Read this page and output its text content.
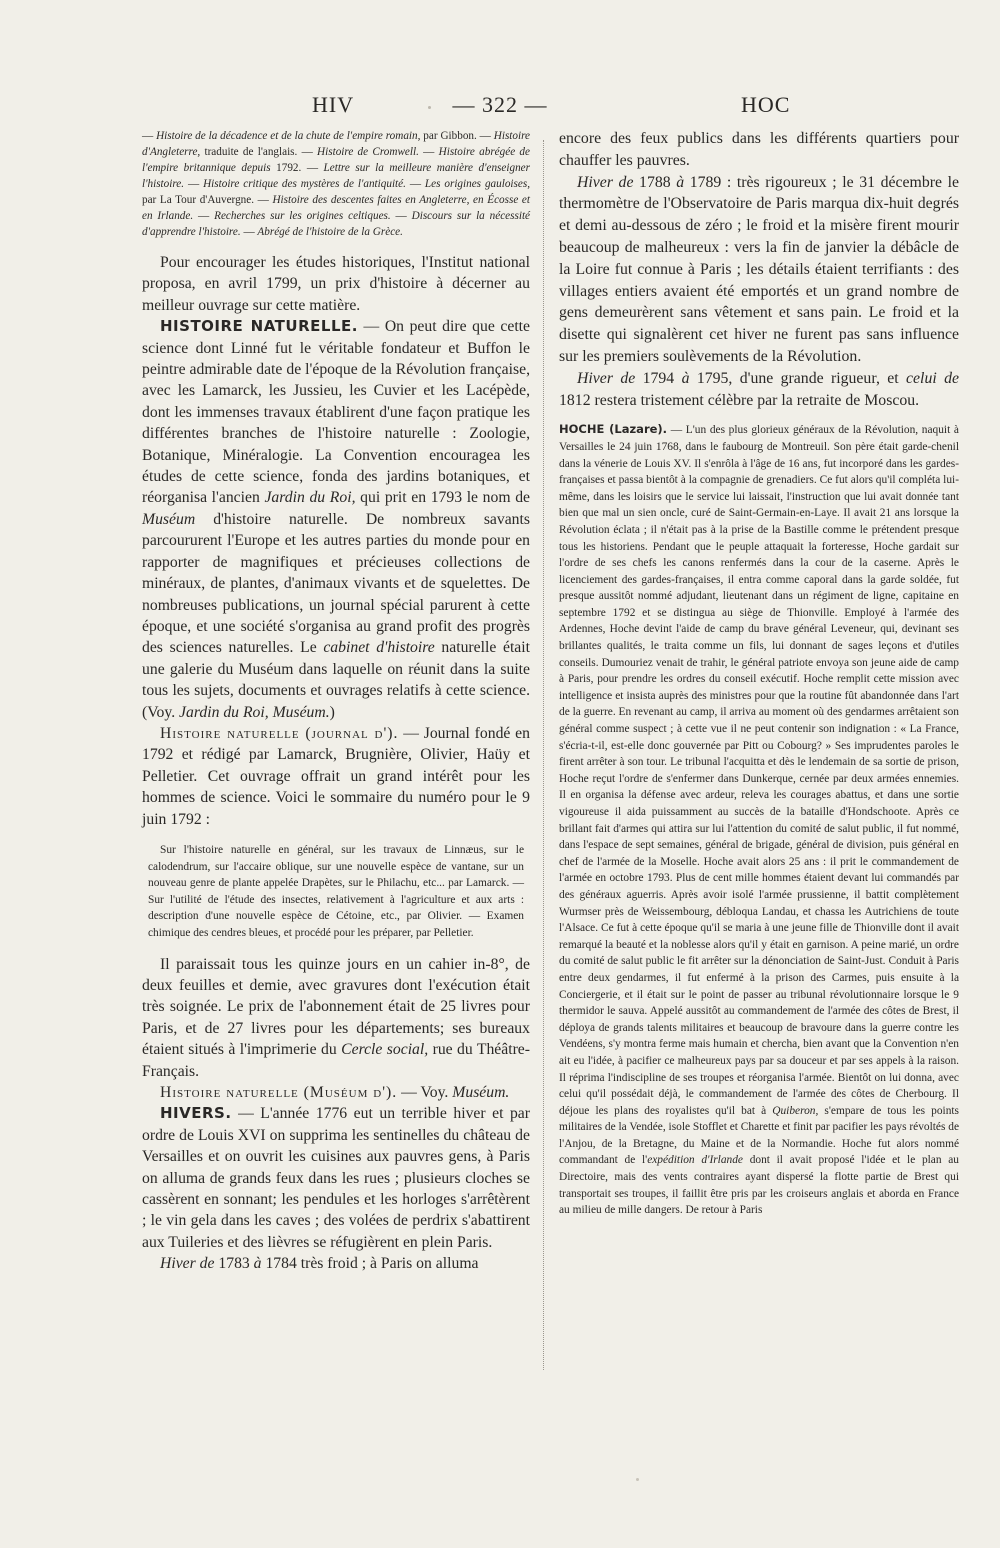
HIV	— 322 —	HOC

— Histoire de la décadence et de la chute de l'empire romain, par Gibbon. — Histoire d'Angleterre, traduite de l'anglais. — Histoire de Cromwell. — Histoire abrégée de l'empire britannique depuis 1792. — Lettre sur la meilleure manière d'enseigner l'histoire. — Histoire critique des mystères de l'antiquité. — Les origines gauloises, par La Tour d'Auvergne. — Histoire des descentes faites en Angleterre, en Écosse et en Irlande. — Recherches sur les origines celtiques. — Discours sur la nécessité d'apprendre l'histoire. — Abrégé de l'histoire de la Grèce.

Pour encourager les études historiques, l'Institut national proposa, en avril 1799, un prix d'histoire à décerner au meilleur ouvrage sur cette matière.

HISTOIRE NATURELLE. — On peut dire que cette science dont Linné fut le véritable fondateur et Buffon le peintre admirable date de l'époque de la Révolution française, avec les Lamarck, les Jussieu, les Cuvier et les Lacépède, dont les immenses travaux établirent d'une façon pratique les différentes branches de l'histoire naturelle : Zoologie, Botanique, Minéralogie. La Convention encouragea les études de cette science, fonda des jardins botaniques, et réorganisa l'ancien Jardin du Roi, qui prit en 1793 le nom de Muséum d'histoire naturelle. De nombreux savants parcoururent l'Europe et les autres parties du monde pour en rapporter de magnifiques et précieuses collections de minéraux, de plantes, d'animaux vivants et de squelettes. De nombreuses publications, un journal spécial parurent à cette époque, et une société s'organisa au grand profit des progrès des sciences naturelles. Le cabinet d'histoire naturelle était une galerie du Muséum dans laquelle on réunit dans la suite tous les sujets, documents et ouvrages relatifs à cette science. (Voy. Jardin du Roi, Muséum.)

Histoire naturelle (journal d'). — Journal fondé en 1792 et rédigé par Lamarck, Brugnière, Olivier, Haüy et Pelletier. Cet ouvrage offrait un grand intérêt pour les hommes de science. Voici le sommaire du numéro pour le 9 juin 1792 :

Sur l'histoire naturelle en général, sur les travaux de Linnæus, sur le calodendrum, sur l'accaire oblique, sur une nouvelle espèce de vantane, sur un nouveau genre de plante appelée Drapètes, sur le Philachu, etc... par Lamarck. — Sur l'utilité de l'étude des insectes, relativement à l'agriculture et aux arts : description d'une nouvelle espèce de Cétoine, etc., par Olivier. — Examen chimique des cendres bleues, et procédé pour les préparer, par Pelletier.

Il paraissait tous les quinze jours en un cahier in-8°, de deux feuilles et demie, avec gravures dont l'exécution était très soignée. Le prix de l'abonnement était de 25 livres pour Paris, et de 27 livres pour les départements; ses bureaux étaient situés à l'imprimerie du Cercle social, rue du Théâtre-Français.

Histoire naturelle (Muséum d'). — Voy. Muséum.

HIVERS. — L'année 1776 eut un terrible hiver et par ordre de Louis XVI on supprima les sentinelles du château de Versailles et on ouvrit les cuisines aux pauvres gens, à Paris on alluma de grands feux dans les rues ; plusieurs cloches se cassèrent en sonnant; les pendules et les horloges s'arrêtèrent ; le vin gela dans les caves ; des volées de perdrix s'abattirent aux Tuileries et des lièvres se réfugièrent en plein Paris.

Hiver de 1783 à 1784 très froid ; à Paris on alluma

encore des feux publics dans les différents quartiers pour chauffer les pauvres.

Hiver de 1788 à 1789 : très rigoureux ; le 31 décembre le thermomètre de l'Observatoire de Paris marqua dix-huit degrés et demi au-dessous de zéro ; le froid et la misère firent mourir beaucoup de malheureux : vers la fin de janvier la débâcle de la Loire fut connue à Paris ; les détails étaient terrifiants : des villages entiers avaient été emportés et un grand nombre de gens demeurèrent sans vêtement et sans pain. Le froid et la disette qui signalèrent cet hiver ne furent pas sans influence sur les premiers soulèvements de la Révolution.

Hiver de 1794 à 1795, d'une grande rigueur, et celui de 1812 restera tristement célèbre par la retraite de Moscou.

HOCHE (Lazare). — L'un des plus glorieux généraux de la Révolution, naquit à Versailles le 24 juin 1768, dans le faubourg de Montreuil. Son père était garde-chenil dans la vénerie de Louis XV. Il s'enrôla à l'âge de 16 ans, fut incorporé dans les gardes-françaises et passa bientôt à la compagnie de grenadiers. Ce fut alors qu'il compléta lui-même, dans les loisirs que le service lui laissait, l'instruction que lui avait donnée tant bien que mal un sien oncle, curé de Saint-Germain-en-Laye. Il avait 21 ans lorsque la Révolution éclata ; il n'était pas à la prise de la Bastille comme le prétendent presque tous les historiens. Pendant que le peuple attaquait la forteresse, Hoche gardait sur l'ordre de ses chefs les canons renfermés dans la cour de la caserne. Après le licenciement des gardes-françaises, il entra comme caporal dans la garde soldée, fut presque aussitôt nommé adjudant, lieutenant dans un régiment de ligne, capitaine en septembre 1792 et se distingua au siège de Thionville. Employé à l'armée des Ardennes, Hoche devint l'aide de camp du brave général Leveneur, qui, devinant ses brillantes qualités, le traita comme un fils, lui donnant de sages leçons et d'utiles conseils. Dumouriez venait de trahir, le général patriote envoya son jeune aide de camp à Paris, pour prendre les ordres du conseil exécutif. Hoche remplit cette mission avec intelligence et insista auprès des ministres pour que la routine fût abandonnée dans l'art de la guerre. En revenant au camp, il arriva au moment où des gendarmes arrêtaient son général comme suspect ; à cette vue il ne peut contenir son indignation : « La France, s'écria-t-il, est-elle donc gouvernée par Pitt ou Cobourg? » Ses imprudentes paroles le firent arrêter à son tour. Le tribunal l'acquitta et dès le lendemain de sa sortie de prison, Hoche reçut l'ordre de s'enfermer dans Dunkerque, cernée par deux armées ennemies. Il en organisa la défense avec ardeur, releva les courages abattus, et dans une sortie vigoureuse il aida puissamment au succès de la bataille d'Hondschoote. Après ce brillant fait d'armes qui attira sur lui l'attention du comité de salut public, il fut nommé, dans l'espace de sept semaines, général de brigade, général de division, puis général en chef de l'armée de la Moselle. Hoche avait alors 25 ans : il prit le commandement de l'armée en octobre 1793. Plus de cent mille hommes étaient devant lui commandés par des généraux aguerris. Après avoir isolé l'armée prussienne, il battit complètement Wurmser près de Weissembourg, débloqua Landau, et chassa les Autrichiens de toute l'Alsace. Ce fut à cette époque qu'il se maria à une jeune fille de Thionville dont il avait remarqué la beauté et la noblesse alors qu'il y était en garnison. A peine marié, un ordre du comité de salut public le fit arrêter sur la dénonciation de Saint-Just. Conduit à Paris entre deux gendarmes, il fut enfermé à la prison des Carmes, puis ensuite à la Conciergerie, et il était sur le point de passer au tribunal révolutionnaire lorsque le 9 thermidor le sauva. Appelé aussitôt au commandement de l'armée des côtes de Brest, il déploya de grands talents militaires et beaucoup de bravoure dans la guerre contre les Vendéens, s'y montra ferme mais humain et chercha, bien avant que la Convention n'en ait eu l'idée, à pacifier ce malheureux pays par sa douceur et par ses appels à la raison. Il réprima l'indiscipline de ses troupes et réorganisa l'armée. Bientôt on lui donna, avec celui qu'il possédait déjà, le commandement de l'armée des côtes de Cherbourg. Il déjoue les plans des royalistes qu'il bat à Quiberon, s'empare de tous les points militaires de la Vendée, isole Stofflet et Charette et finit par pacifier les pays révoltés de l'Anjou, de la Bretagne, du Maine et de la Normandie. Hoche fut alors nommé commandant de l'expédition d'Irlande dont il avait proposé l'idée et le plan au Directoire, mais des vents contraires ayant dispersé la flotte partie de Brest qui transportait ses troupes, il faillit être pris par les croiseurs anglais et aborda en France au milieu de mille dangers. De retour à Paris
